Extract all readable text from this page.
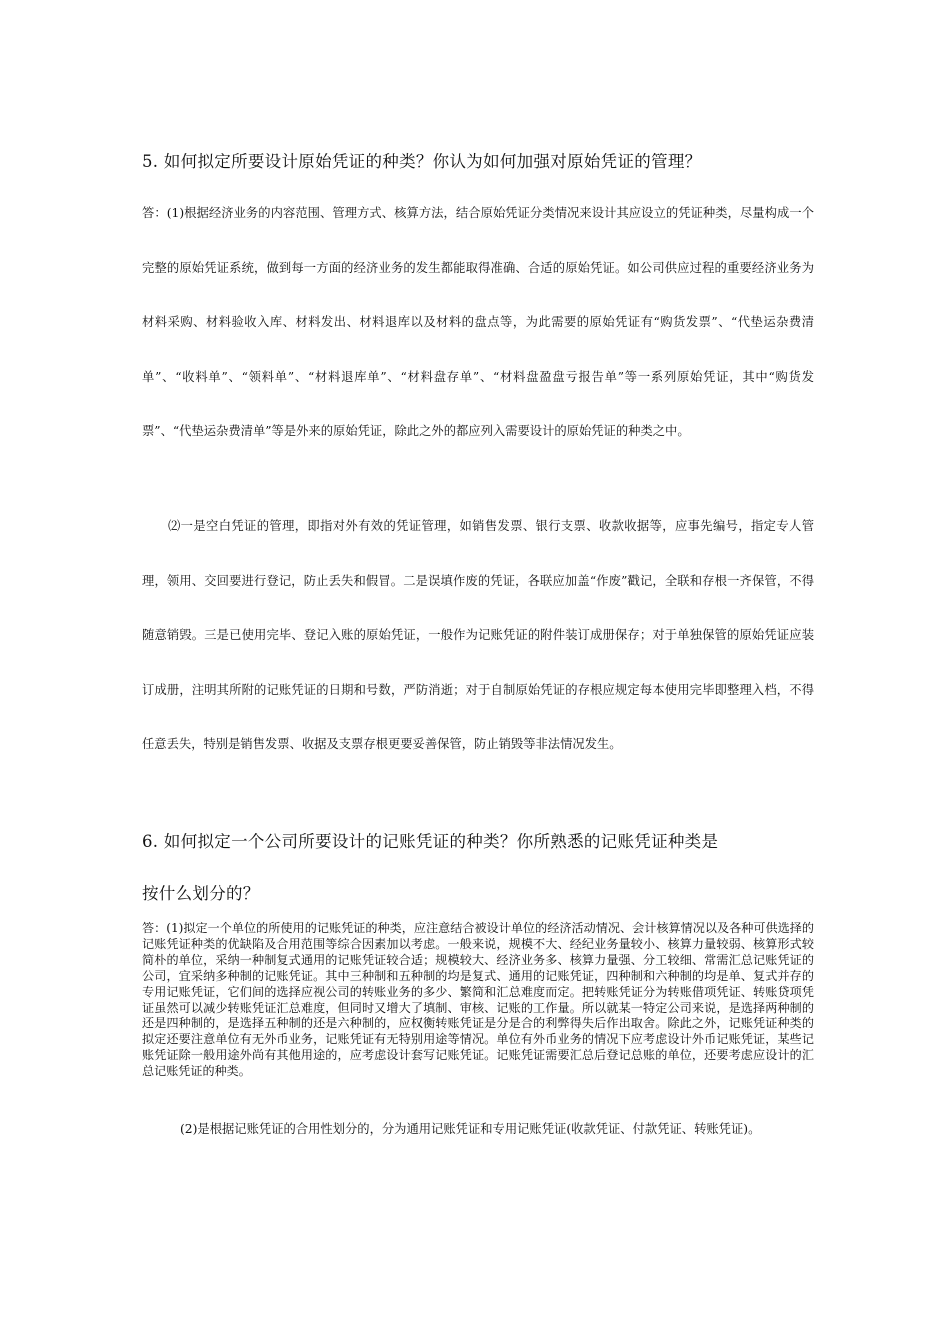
5. 如何拟定所要设计原始凭证的种类？你认为如何加强对原始凭证的管理？

答：(1)根据经济业务的内容范围、管理方式、核算方法，结合原始凭证分类情况来设计其应设立的凭证种类，尽量构成一个完整的原始凭证系统，做到每一方面的经济业务的发生都能取得准确、合适的原始凭证。如公司供应过程的重要经济业务为材料采购、材料验收入库、材料发出、材料退库以及材料的盘点等，为此需要的原始凭证有“购货发票”、“代垫运杂费清单”、“收料单”、“领料单”、“材料退库单”、“材料盘存单”、“材料盘盈盘亏报告单”等一系列原始凭证，其中“购货发票”、“代垫运杂费清单”等是外来的原始凭证，除此之外的都应列入需要设计的原始凭证的种类之中。

⑵一是空白凭证的管理，即指对外有效的凭证管理，如销售发票、银行支票、收款收据等，应事先编号，指定专人管理，领用、交回要进行登记，防止丢失和假冒。二是误填作废的凭证，各联应加盖“作废”戳记，全联和存根一齐保管，不得随意销毁。三是已使用完毕、登记入账的原始凭证，一般作为记账凭证的附件装订成册保存；对于单独保管的原始凭证应装订成册，注明其所附的记账凭证的日期和号数，严防消逝；对于自制原始凭证的存根应规定每本使用完毕即整理入档，不得任意丢失，特别是销售发票、收据及支票存根更要妥善保管，防止销毁等非法情况发生。

6. 如何拟定一个公司所要设计的记账凭证的种类？你所熟悉的记账凭证种类是
按什么划分的？

答：(1)拟定一个单位的所使用的记账凭证的种类，应注意结合被设计单位的经济活动情况、会计核算情况以及各种可供选择的记账凭证种类的优缺陷及合用范围等综合因素加以考虑。一般来说，规模不大、经纪业务量较小、核算力量较弱、核算形式较简朴的单位，采纳一种制复式通用的记账凭证较合适；规模较大、经济业务多、核算力量强、分工较细、常需汇总记账凭证的公司，宜采纳多种制的记账凭证。其中三种制和五种制的均是复式、通用的记账凭证，四种制和六种制的均是单、复式并存的专用记账凭证，它们间的选择应视公司的转账业务的多少、繁简和汇总难度而定。把转账凭证分为转账借项凭证、转账贷项凭证虽然可以减少转账凭证汇总难度，但同时又增大了填制、审核、记账的工作量。所以就某一特定公司来说，是选择两种制的还是四种制的，是选择五种制的还是六种制的，应权衡转账凭证是分是合的利弊得失后作出取舍。除此之外，记账凭证种类的拟定还要注意单位有无外币业务，记账凭证有无特别用途等情况。单位有外币业务的情况下应考虑设计外币记账凭证，某些记账凭证除一般用途外尚有其他用途的，应考虑设计套写记账凭证。记账凭证需要汇总后登记总账的单位，还要考虑应设计的汇总记账凭证的种类。

(2)是根据记账凭证的合用性划分的，分为通用记账凭证和专用记账凭证(收款凭证、付款凭证、转账凭证)。
